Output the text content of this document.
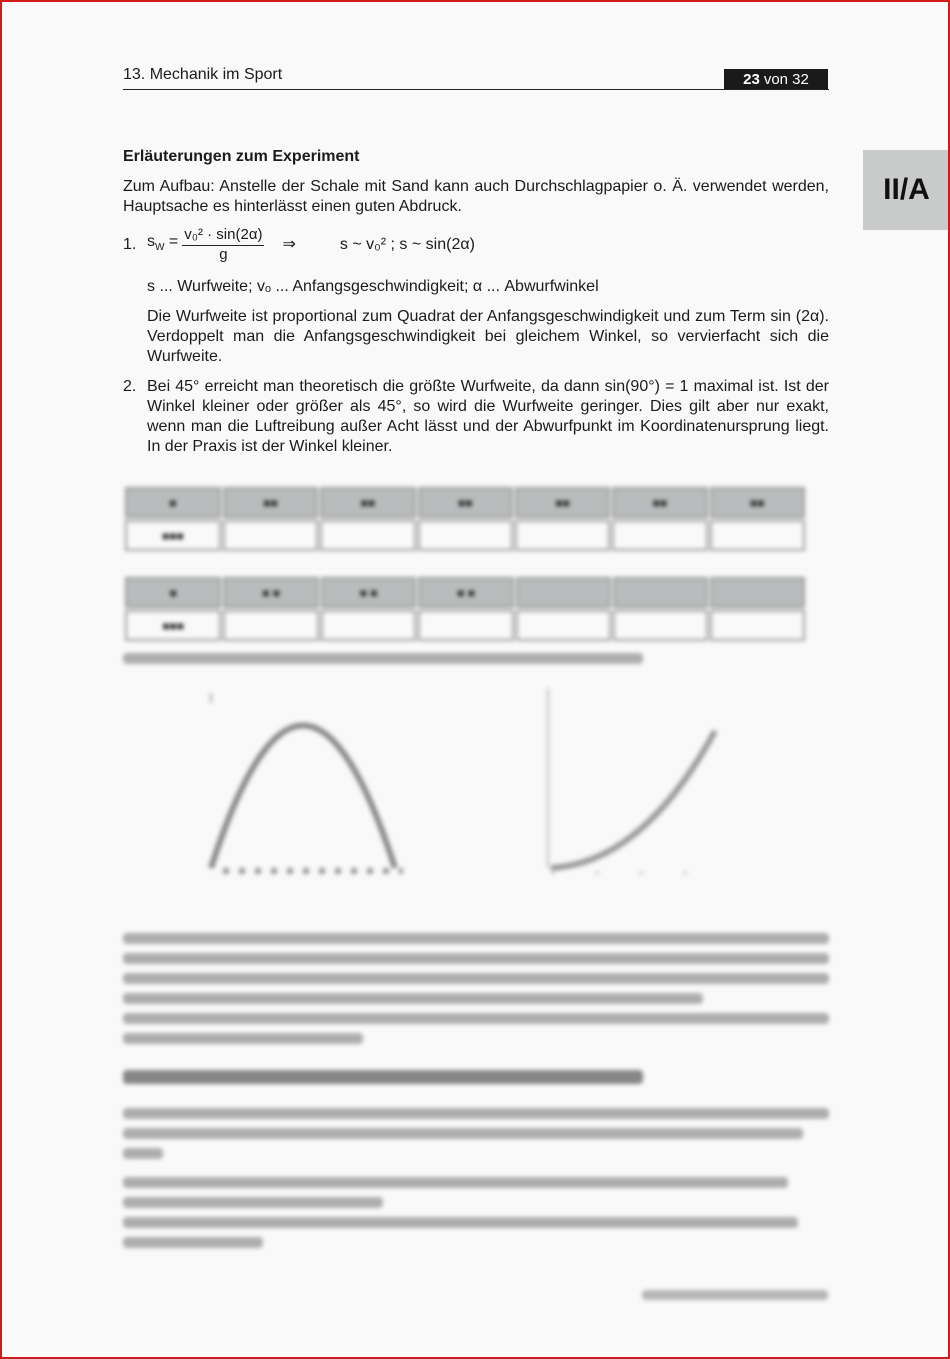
13. Mechanik im Sport	23 von 32
II/A

Erläuterungen zum Experiment

Zum Aufbau: Anstelle der Schale mit Sand kann auch Durchschlagpapier o. Ä. verwendet werden, Hauptsache es hinterlässt einen guten Abdruck.

1. $s_W = \frac{\text{v₀² · sin(2α)}}{g}$ ⇒	s ~ v₀² ; s ~ sin(2α)

s ... Wurfweite; vₒ ... Anfangsgeschwindigkeit; α ... Abwurfwinkel

Die Wurfweite ist proportional zum Quadrat der Anfangsgeschwindigkeit und zum Term sin (2α). Verdoppelt man die Anfangsgeschwindigkeit bei gleichem Winkel, so vervierfacht sich die Wurfweite.

2. Bei 45° erreicht man theoretisch die größte Wurfweite, da dann sin(90°) = 1 maximal ist. Ist der Winkel kleiner oder größer als 45°, so wird die Wurfweite geringer. Dies gilt aber nur exakt, wenn man die Luftreibung außer Acht lässt und der Abwurfpunkt im Koordinatenursprung liegt. In der Praxis ist der Winkel kleiner.

■	■■	■■	■■	■■	■■	■■
■■■						
■	■ ■	■ ■	■ ■			
■■■						
